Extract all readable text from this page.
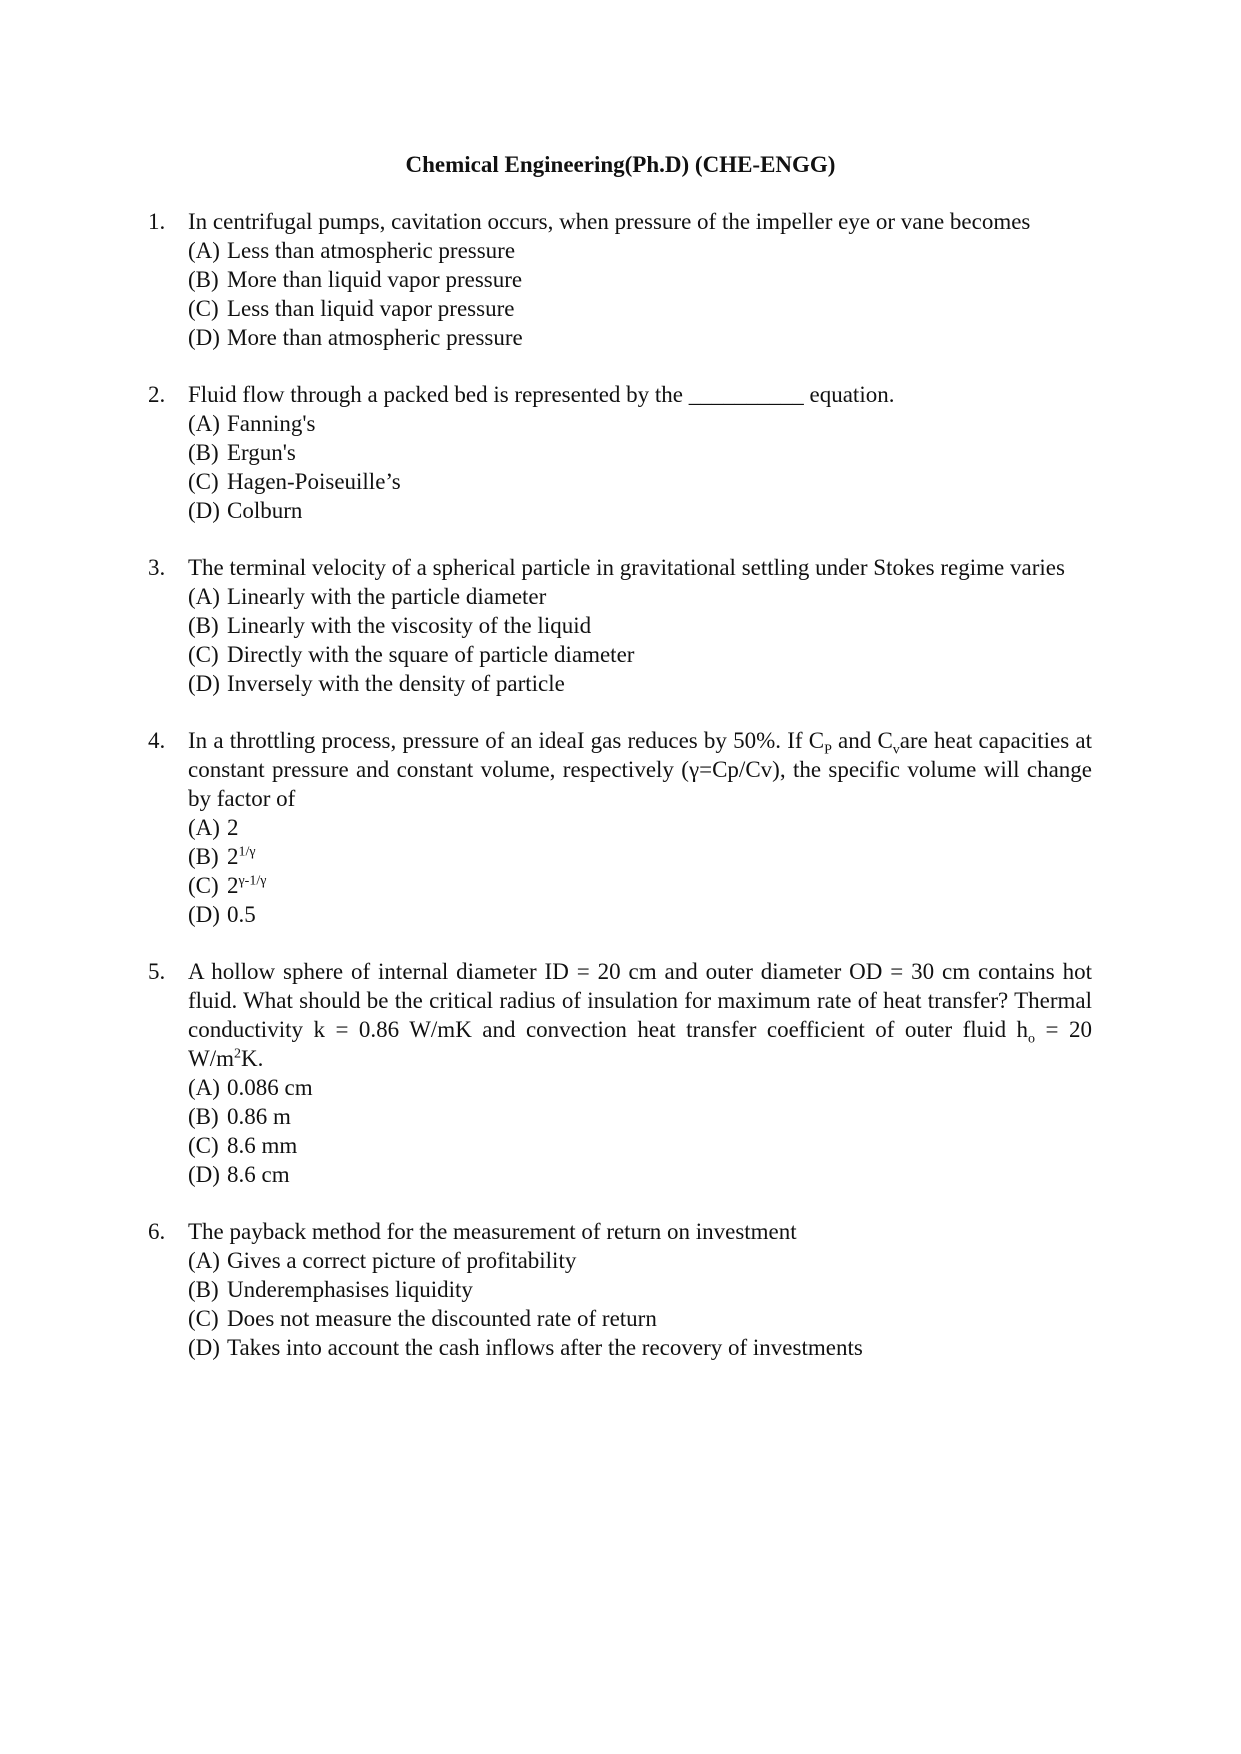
Chemical Engineering(Ph.D) (CHE-ENGG)
1. In centrifugal pumps, cavitation occurs, when pressure of the impeller eye or vane becomes
(A) Less than atmospheric pressure
(B) More than liquid vapor pressure
(C) Less than liquid vapor pressure
(D) More than atmospheric pressure
2. Fluid flow through a packed bed is represented by the __________ equation.
(A) Fanning's
(B) Ergun's
(C) Hagen-Poiseuille’s
(D) Colburn
3. The terminal velocity of a spherical particle in gravitational settling under Stokes regime varies
(A) Linearly with the particle diameter
(B) Linearly with the viscosity of the liquid
(C) Directly with the square of particle diameter
(D) Inversely with the density of particle
4. In a throttling process, pressure of an ideaI gas reduces by 50%. If $C_P$ and $C_vare$ heat capacities at constant pressure and constant volume, respectively (γ=Cp/Cv), the specific volume will change by factor of
(A) 2
(B) $2^{1/\gamma}$
(C) $2^{\gamma-1/\gamma}$
(D) 0.5
5. A hollow sphere of internal diameter ID = 20 cm and outer diameter OD = 30 cm contains hot fluid. What should be the critical radius of insulation for maximum rate of heat transfer? Thermal conductivity k = 0.86 W/mK and convection heat transfer coefficient of outer fluid $h_o = 20$ $W/m^2K$.
(A) 0.086 cm
(B) 0.86 m
(C) 8.6 mm
(D) 8.6 cm
6. The payback method for the measurement of return on investment
(A) Gives a correct picture of profitability
(B) Underemphasises liquidity
(C) Does not measure the discounted rate of return
(D) Takes into account the cash inflows after the recovery of investments
